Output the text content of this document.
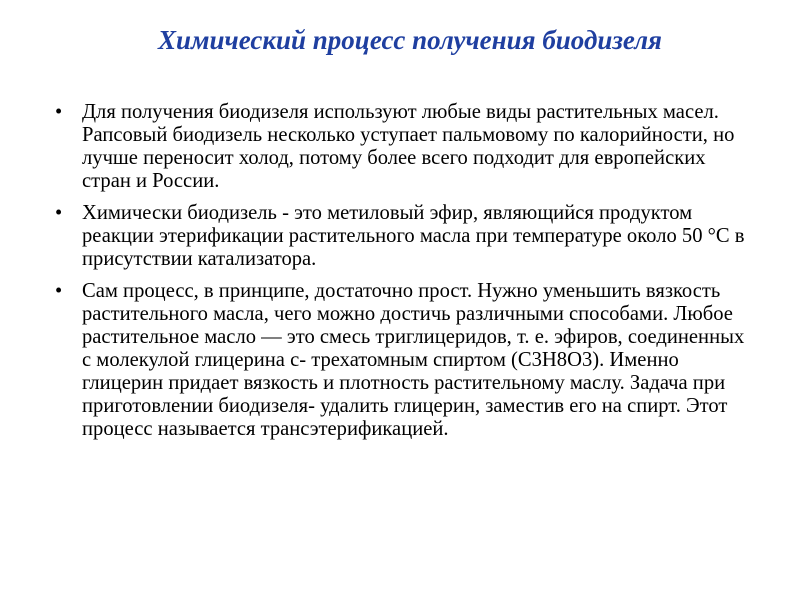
Химический процесс получения биодизеля
• Для получения биодизеля используют любые виды растительных масел. Рапсовый биодизель несколько уступает пальмовому по калорийности, но лучше переносит холод, потому более всего подходит для европейских стран и России.
• Химически биодизель - это метиловый эфир, являющийся продуктом реакции этерификации растительного масла при температуре около 50 °С в присутствии катализатора.
• Сам процесс, в принципе, достаточно прост. Нужно уменьшить вязкость растительного масла, чего можно достичь различными способами. Любое растительное масло — это смесь триглицеридов, т. е. эфиров, соединенных с молекулой глицерина с- трехатомным спиртом (C3H8O3). Именно глицерин придает вязкость и плотность растительному маслу. Задача при приготовлении биодизеля- удалить глицерин, заместив его на спирт. Этот процесс называется трансэтерификацией.
